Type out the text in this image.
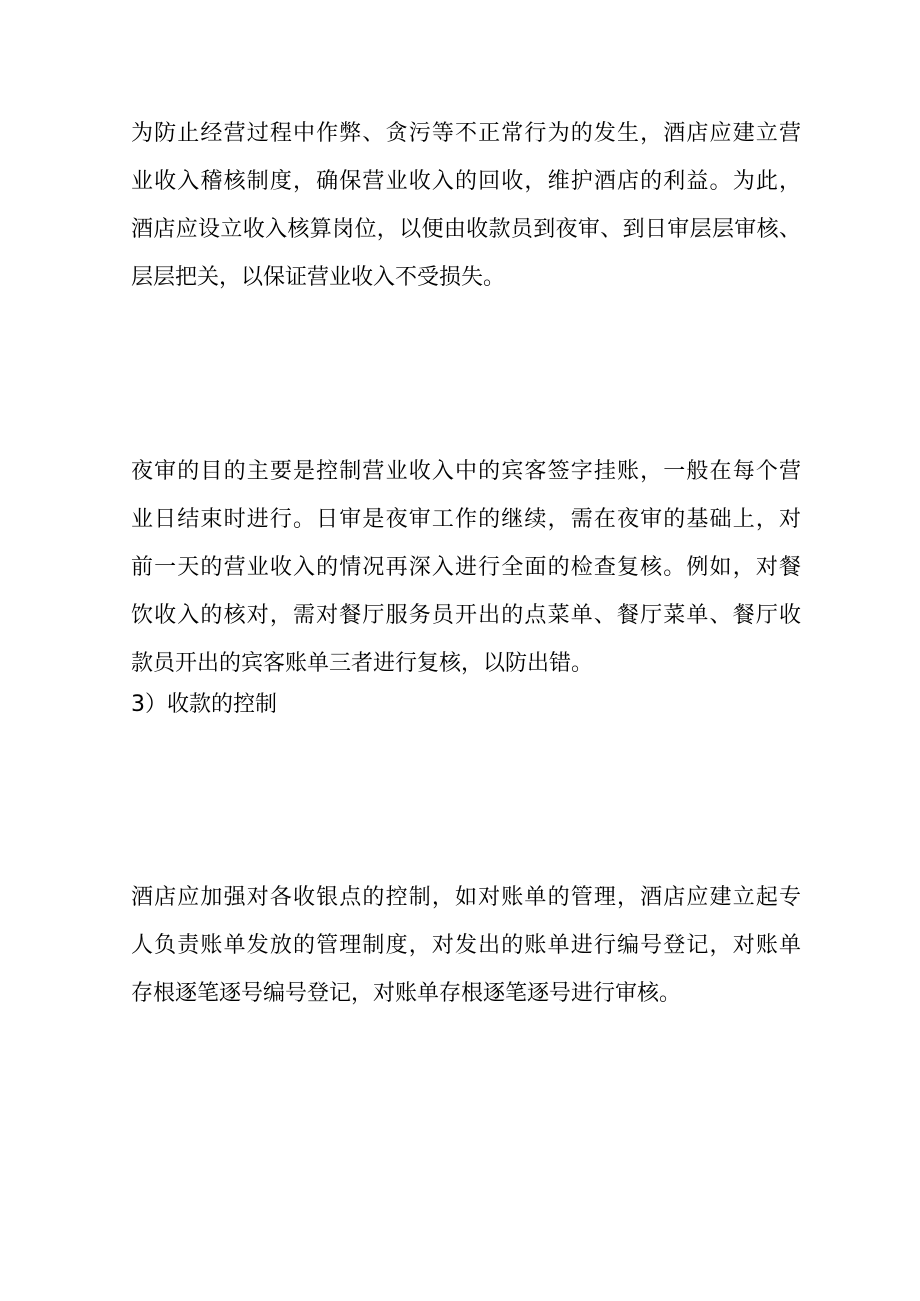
为防止经营过程中作弊、贪污等不正常行为的发生，酒店应建立营
业收入稽核制度，确保营业收入的回收，维护酒店的利益。为此，
酒店应设立收入核算岗位，以便由收款员到夜审、到日审层层审核、
层层把关，以保证营业收入不受损失。
夜审的目的主要是控制营业收入中的宾客签字挂账，一般在每个营
业日结束时进行。日审是夜审工作的继续，需在夜审的基础上，对
前一天的营业收入的情况再深入进行全面的检查复核。例如，对餐
饮收入的核对，需对餐厅服务员开出的点菜单、餐厅菜单、餐厅收
款员开出的宾客账单三者进行复核，以防出错。
3）收款的控制
酒店应加强对各收银点的控制，如对账单的管理，酒店应建立起专
人负责账单发放的管理制度，对发出的账单进行编号登记，对账单
存根逐笔逐号编号登记，对账单存根逐笔逐号进行审核。
